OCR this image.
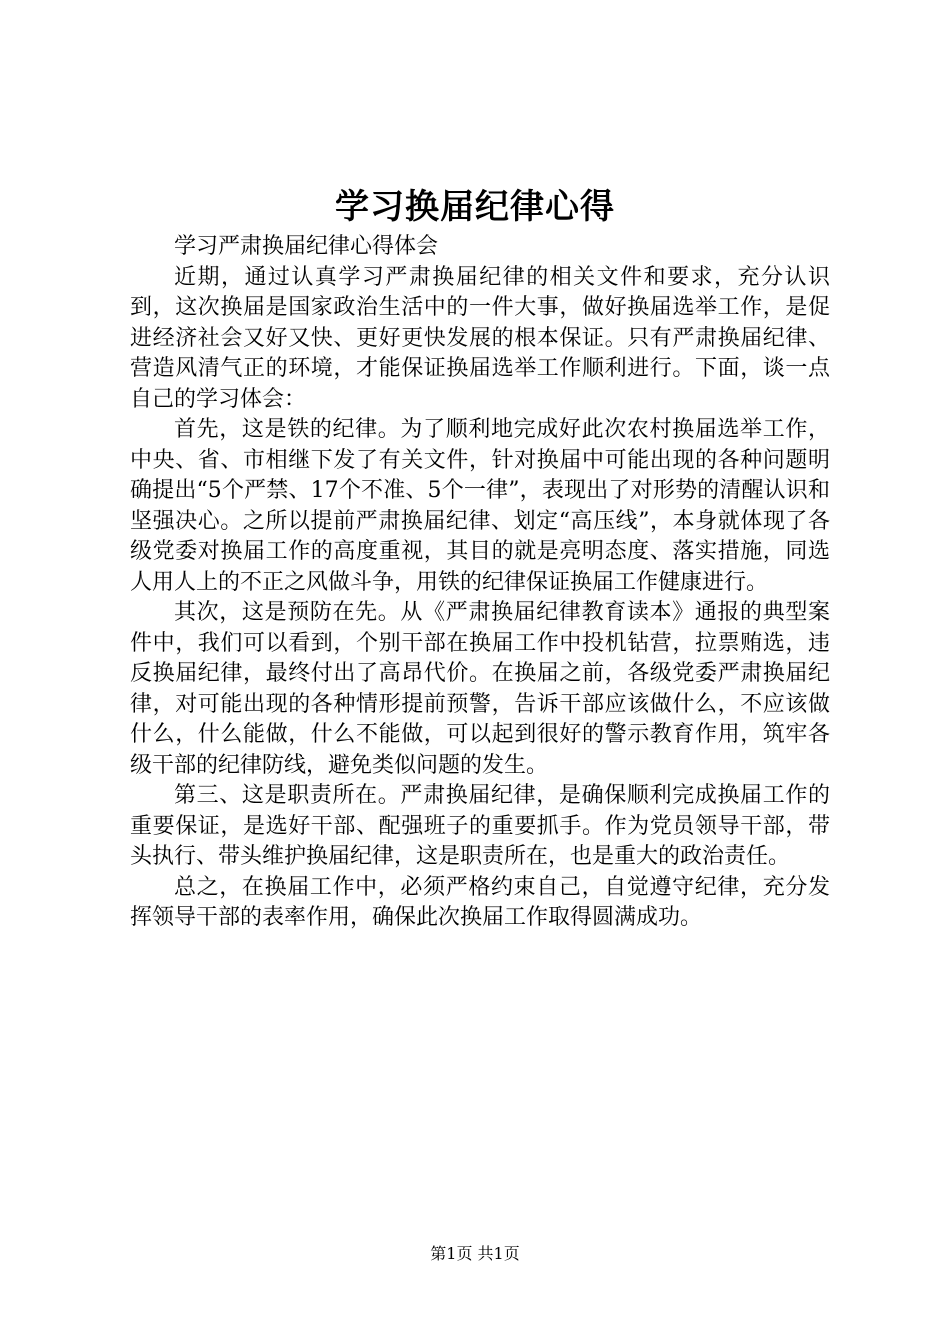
学习换届纪律心得

学习严肃换届纪律心得体会

近期，通过认真学习严肃换届纪律的相关文件和要求，充分认识到，这次换届是国家政治生活中的一件大事，做好换届选举工作，是促进经济社会又好又快、更好更快发展的根本保证。只有严肃换届纪律、营造风清气正的环境，才能保证换届选举工作顺利进行。下面，谈一点自己的学习体会：

首先，这是铁的纪律。为了顺利地完成好此次农村换届选举工作，中央、省、市相继下发了有关文件，针对换届中可能出现的各种问题明确提出“5个严禁、17个不准、5个一律”，表现出了对形势的清醒认识和坚强决心。之所以提前严肃换届纪律、划定“高压线”，本身就体现了各级党委对换届工作的高度重视，其目的就是亮明态度、落实措施，同选人用人上的不正之风做斗争，用铁的纪律保证换届工作健康进行。

其次，这是预防在先。从《严肃换届纪律教育读本》通报的典型案件中，我们可以看到，个别干部在换届工作中投机钻营，拉票贿选，违反换届纪律，最终付出了高昂代价。在换届之前，各级党委严肃换届纪律，对可能出现的各种情形提前预警，告诉干部应该做什么，不应该做什么，什么能做，什么不能做，可以起到很好的警示教育作用，筑牢各级干部的纪律防线，避免类似问题的发生。

第三、这是职责所在。严肃换届纪律，是确保顺利完成换届工作的重要保证，是选好干部、配强班子的重要抓手。作为党员领导干部，带头执行、带头维护换届纪律，这是职责所在，也是重大的政治责任。

总之，在换届工作中，必须严格约束自己，自觉遵守纪律，充分发挥领导干部的表率作用，确保此次换届工作取得圆满成功。

第1页 共1页
